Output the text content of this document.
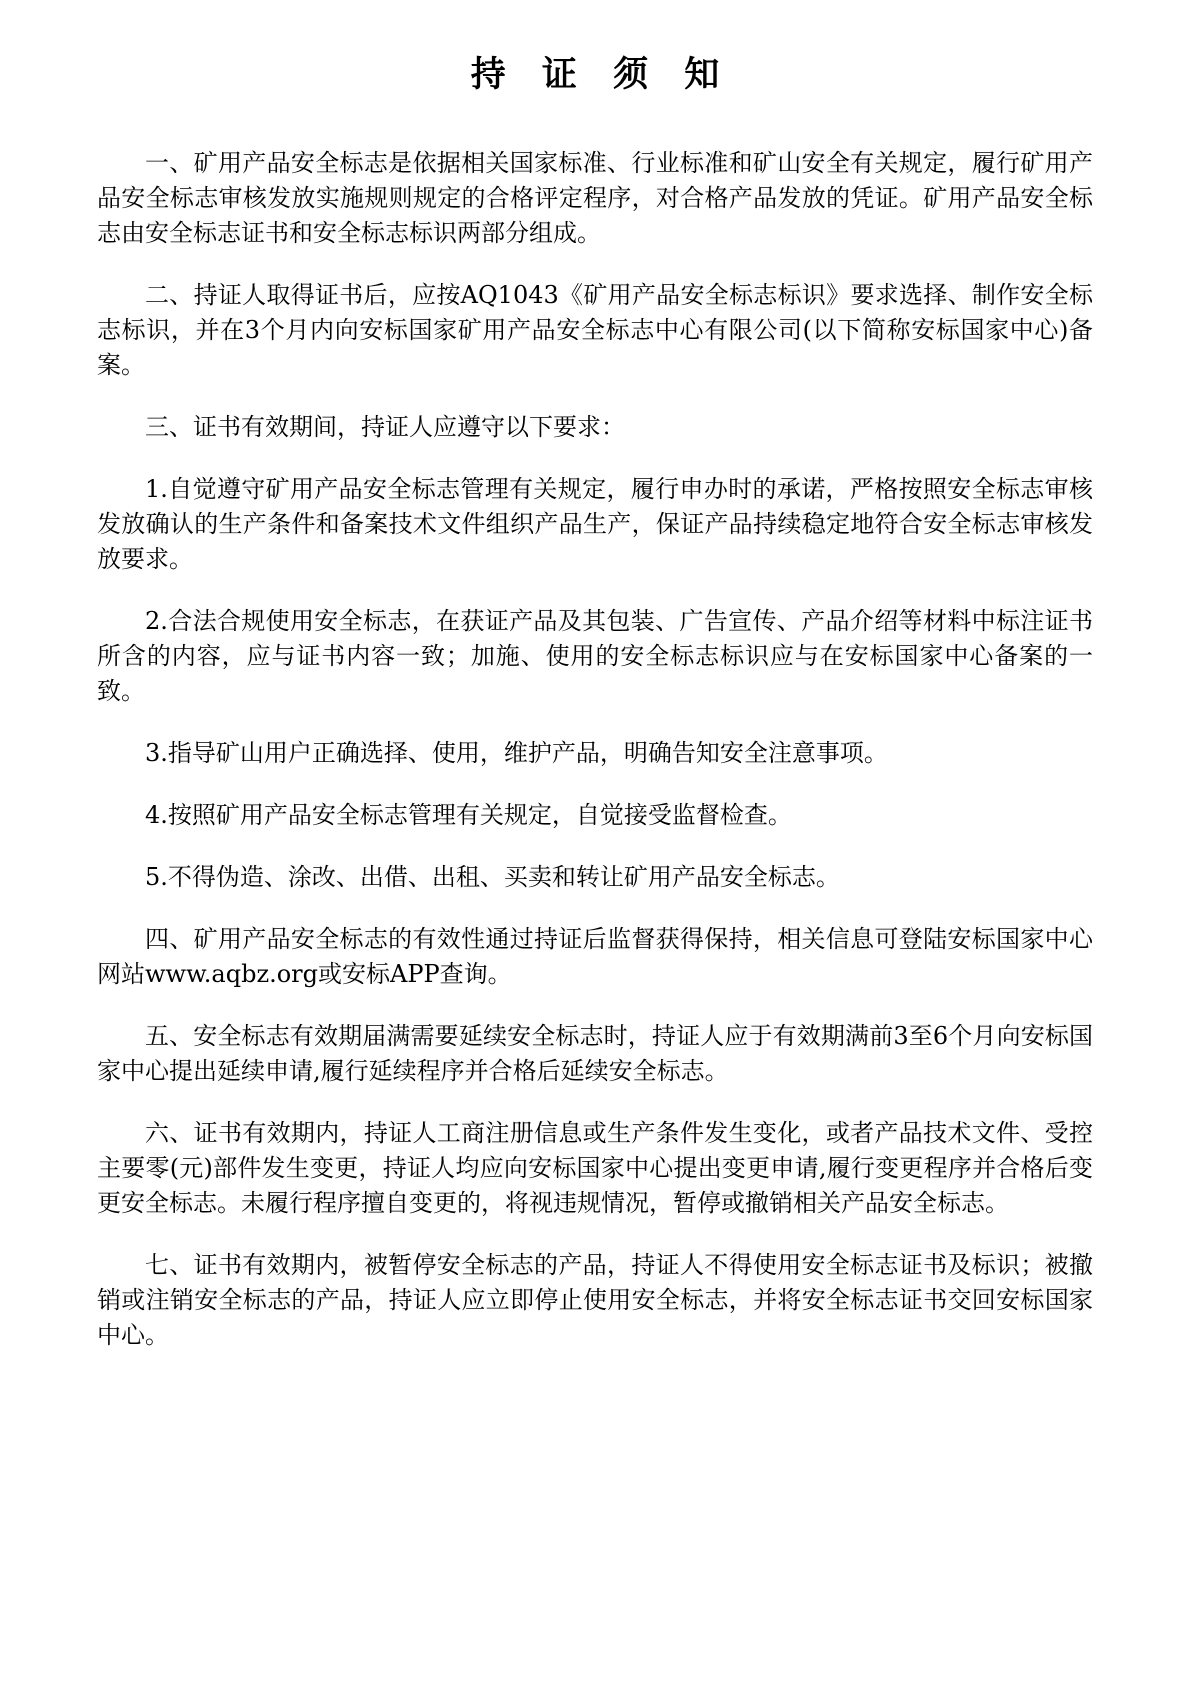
持 证 须 知

一、矿用产品安全标志是依据相关国家标准、行业标准和矿山安全有关规定，履行矿用产品安全标志审核发放实施规则规定的合格评定程序，对合格产品发放的凭证。矿用产品安全标志由安全标志证书和安全标志标识两部分组成。

二、持证人取得证书后，应按AQ1043《矿用产品安全标志标识》要求选择、制作安全标志标识，并在3个月内向安标国家矿用产品安全标志中心有限公司(以下简称安标国家中心)备案。

三、证书有效期间，持证人应遵守以下要求：

1.自觉遵守矿用产品安全标志管理有关规定，履行申办时的承诺，严格按照安全标志审核发放确认的生产条件和备案技术文件组织产品生产，保证产品持续稳定地符合安全标志审核发放要求。

2.合法合规使用安全标志，在获证产品及其包装、广告宣传、产品介绍等材料中标注证书所含的内容，应与证书内容一致；加施、使用的安全标志标识应与在安标国家中心备案的一致。

3.指导矿山用户正确选择、使用，维护产品，明确告知安全注意事项。

4.按照矿用产品安全标志管理有关规定，自觉接受监督检查。

5.不得伪造、涂改、出借、出租、买卖和转让矿用产品安全标志。

四、矿用产品安全标志的有效性通过持证后监督获得保持，相关信息可登陆安标国家中心网站www.aqbz.org或安标APP查询。

五、安全标志有效期届满需要延续安全标志时，持证人应于有效期满前3至6个月向安标国家中心提出延续申请,履行延续程序并合格后延续安全标志。

六、证书有效期内，持证人工商注册信息或生产条件发生变化，或者产品技术文件、受控主要零(元)部件发生变更，持证人均应向安标国家中心提出变更申请,履行变更程序并合格后变更安全标志。未履行程序擅自变更的，将视违规情况，暂停或撤销相关产品安全标志。

七、证书有效期内，被暂停安全标志的产品，持证人不得使用安全标志证书及标识；被撤销或注销安全标志的产品，持证人应立即停止使用安全标志，并将安全标志证书交回安标国家中心。
